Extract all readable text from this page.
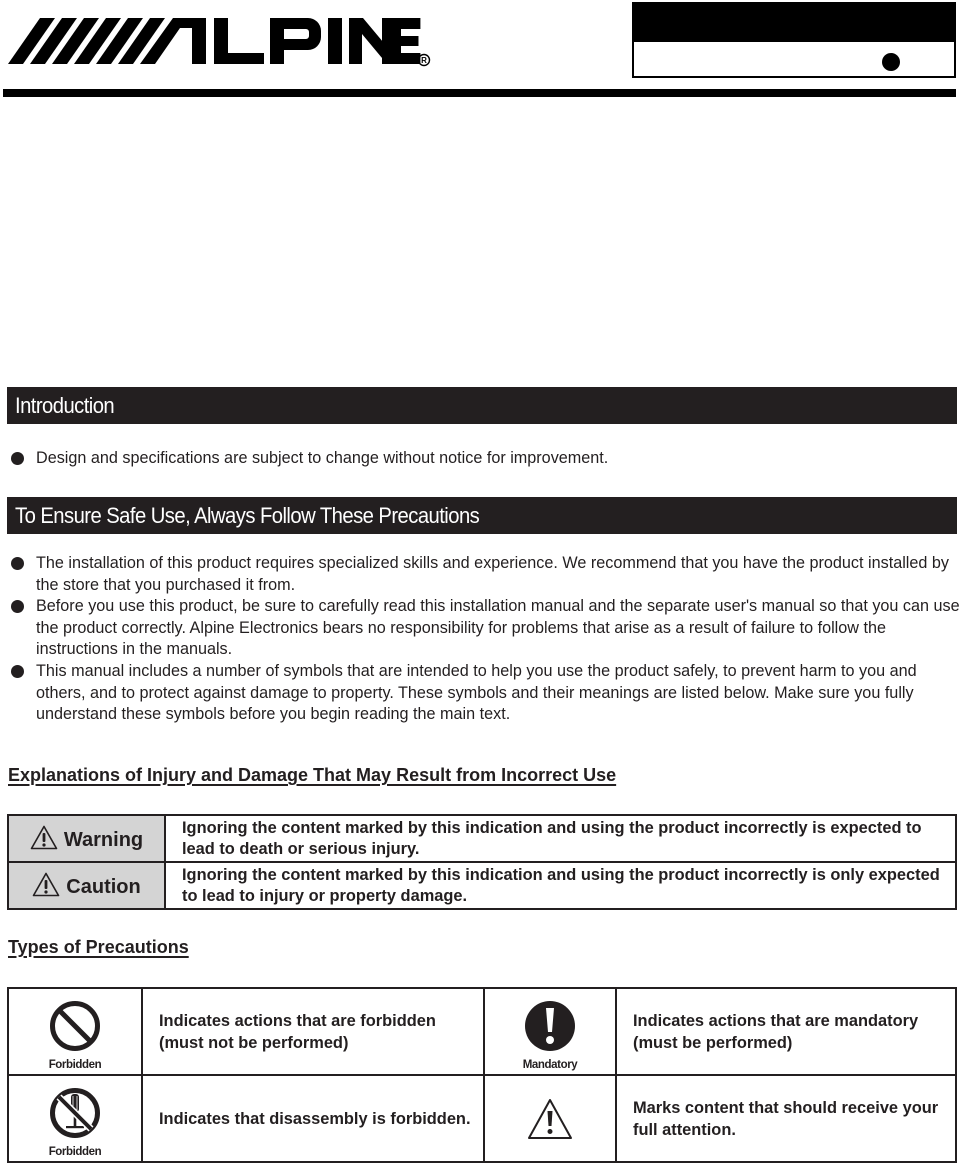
R
Introduction
Design and specifications are subject to change without notice for improvement.
To Ensure Safe Use, Always Follow These Precautions
The installation of this product requires specialized skills and experience. We recommend that you have the product installed by the store that you purchased it from.
Before you use this product, be sure to carefully read this installation manual and the separate user's manual so that you can use the product correctly. Alpine Electronics bears no responsibility for problems that arise as a result of failure to follow the instructions in the manuals.
This manual includes a number of symbols that are intended to help you use the product safely, to prevent harm to you and others, and to protect against damage to property. These symbols and their meanings are listed below. Make sure you fully understand these symbols before you begin reading the main text.
Explanations of Injury and Damage That May Result from Incorrect Use
Warning	Ignoring the content marked by this indication and using the product incorrectly is expected to lead to death or serious injury.
Caution	Ignoring the content marked by this indication and using the product incorrectly is only expected to lead to injury or property damage.
Types of Precautions
Forbidden	Indicates actions that are forbidden (must not be performed)	Mandatory	Indicates actions that are mandatory (must be performed)

Forbidden	Indicates that disassembly is forbidden.		Marks content that should receive your full attention.
